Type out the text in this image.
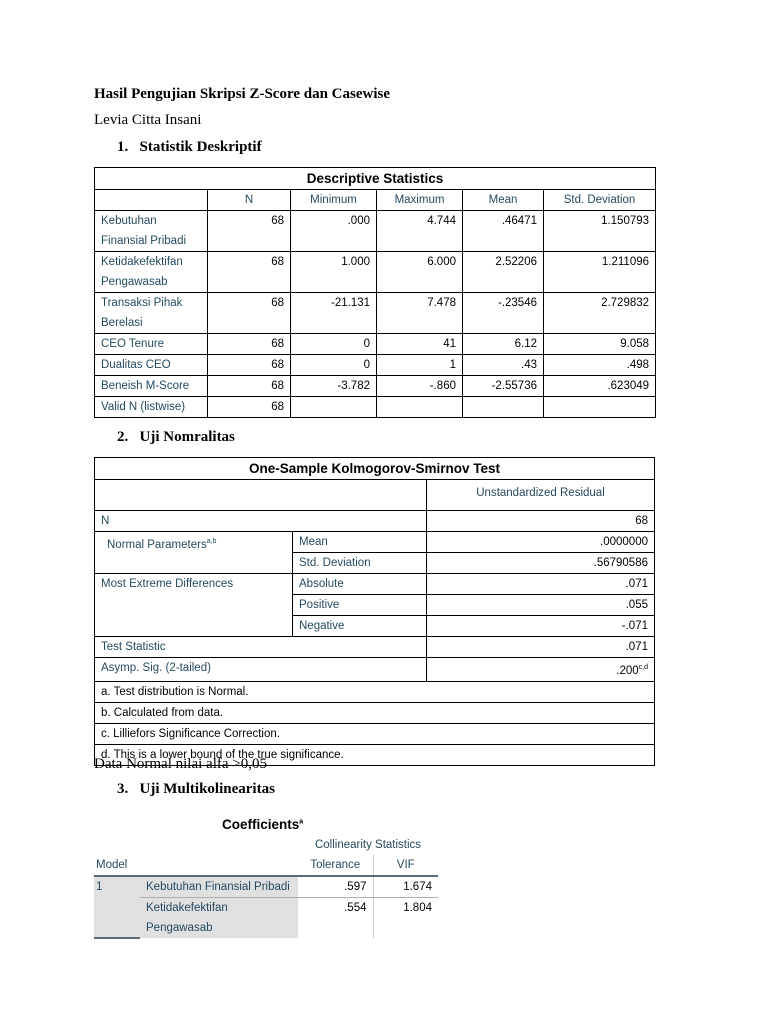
Hasil Pengujian Skripsi Z-Score dan Casewise
Levia Citta Insani
1. Statistik Deskriptif
Descriptive Statistics					
	N	Minimum	Maximum	Mean	Std. Deviation
Kebutuhan Finansial Pribadi	68	.000	4.744	.46471	1.150793
Ketidakefektifan Pengawasab	68	1.000	6.000	2.52206	1.211096
Transaksi Pihak Berelasi	68	-21.131	7.478	-.23546	2.729832
CEO Tenure	68	0	41	6.12	9.058
Dualitas CEO	68	0	1	.43	.498
Beneish M-Score	68	-3.782	-.860	-2.55736	.623049
Valid N (listwise)	68				
2. Uji Nomralitas
One-Sample Kolmogorov-Smirnov Test		
		Unstandardized Residual
N		68
Normal Parameters$^{a,b}$	Mean	.0000000
	Std. Deviation	.56790586
Most Extreme Differences	Absolute	.071
	Positive	.055
	Negative	-.071
Test Statistic		.071
Asymp. Sig. (2-tailed)		.200$^{c,d}$
a. Test distribution is Normal.		
b. Calculated from data.		
c. Lilliefors Significance Correction.		
d. This is a lower bound of the true significance.		
Data Normal nilai alfa >0,05
3. Uji Multikolinearitas
Coefficients$^a$
		Collinearity Statistics	
Model		Tolerance	VIF
1	Kebutuhan Finansial Pribadi	.597	1.674

	Ketidakefektifan Pengawasab	.554	1.804
